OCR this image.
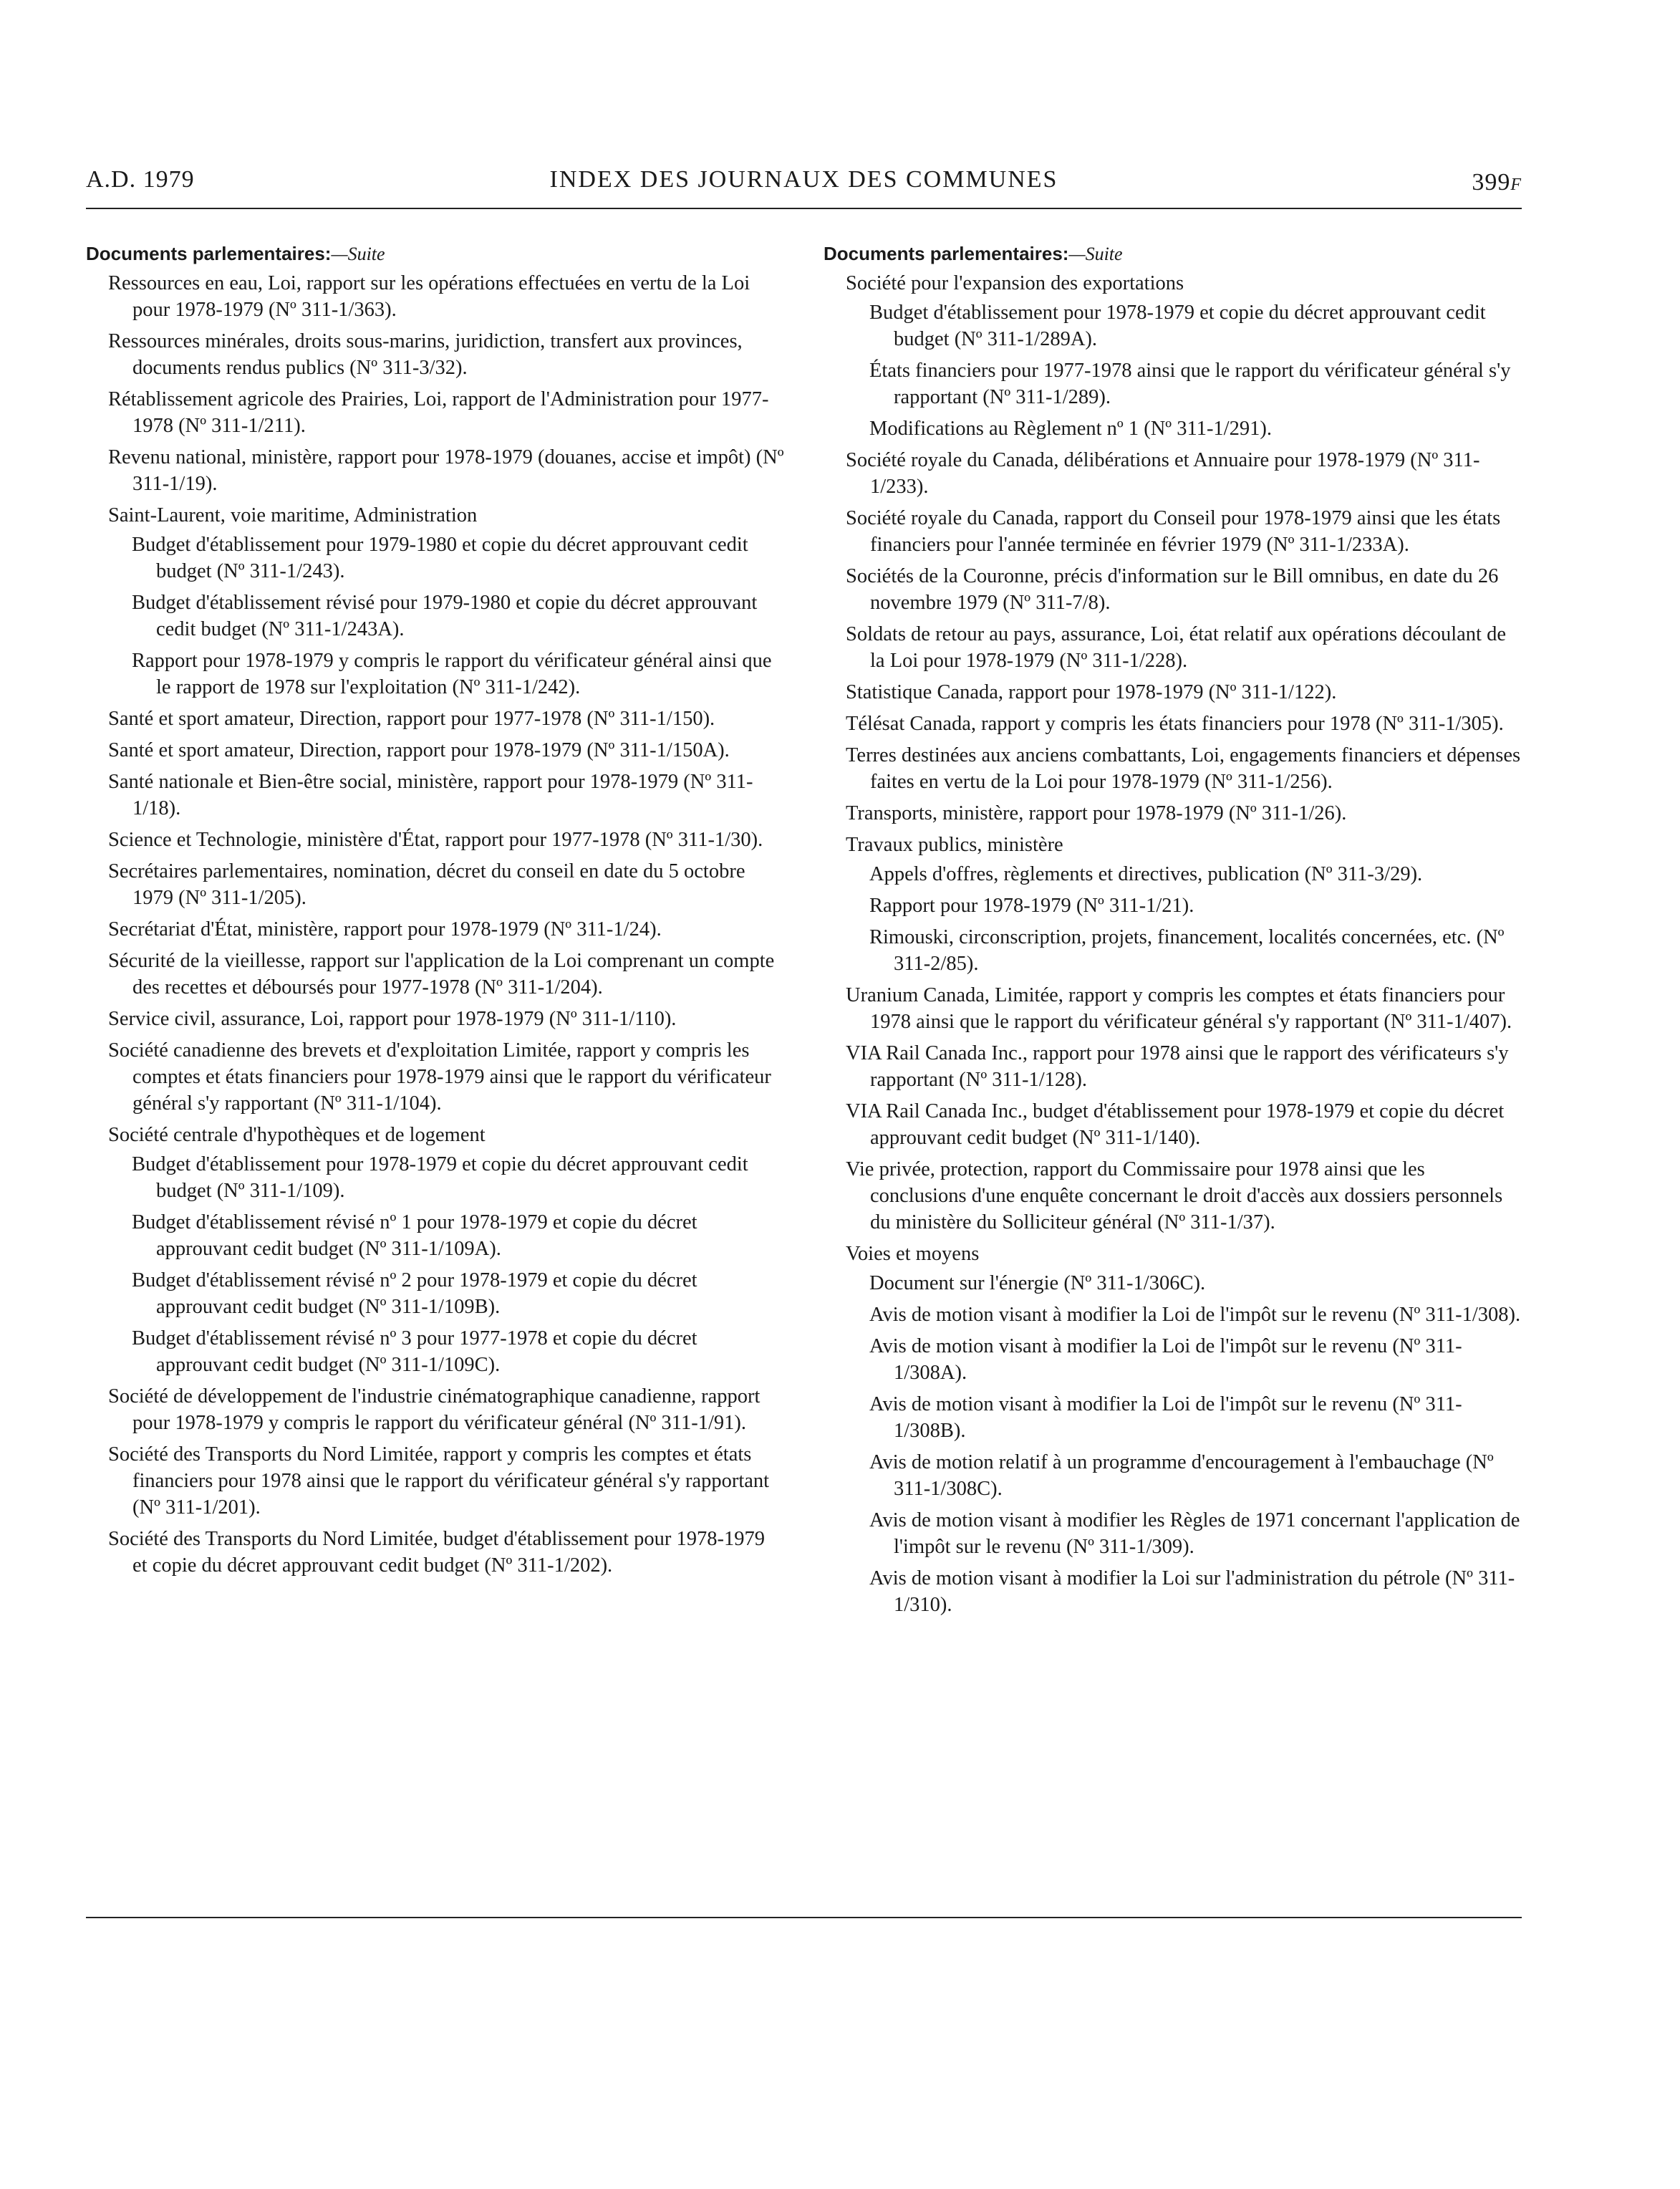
A.D. 1979	INDEX DES JOURNAUX DES COMMUNES	399F
Documents parlementaires:—Suite
Ressources en eau, Loi, rapport sur les opérations effectuées en vertu de la Loi pour 1978-1979 (Nº 311-1/363).
Ressources minérales, droits sous-marins, juridiction, transfert aux provinces, documents rendus publics (Nº 311-3/32).
Rétablissement agricole des Prairies, Loi, rapport de l'Administration pour 1977-1978 (Nº 311-1/211).
Revenu national, ministère, rapport pour 1978-1979 (douanes, accise et impôt) (Nº 311-1/19).
Saint-Laurent, voie maritime, Administration
Budget d'établissement pour 1979-1980 et copie du décret approuvant cedit budget (Nº 311-1/243).
Budget d'établissement révisé pour 1979-1980 et copie du décret approuvant cedit budget (Nº 311-1/243A).
Rapport pour 1978-1979 y compris le rapport du vérificateur général ainsi que le rapport de 1978 sur l'exploitation (Nº 311-1/242).
Santé et sport amateur, Direction, rapport pour 1977-1978 (Nº 311-1/150).
Santé et sport amateur, Direction, rapport pour 1978-1979 (Nº 311-1/150A).
Santé nationale et Bien-être social, ministère, rapport pour 1978-1979 (Nº 311-1/18).
Science et Technologie, ministère d'État, rapport pour 1977-1978 (Nº 311-1/30).
Secrétaires parlementaires, nomination, décret du conseil en date du 5 octobre 1979 (Nº 311-1/205).
Secrétariat d'État, ministère, rapport pour 1978-1979 (Nº 311-1/24).
Sécurité de la vieillesse, rapport sur l'application de la Loi comprenant un compte des recettes et déboursés pour 1977-1978 (Nº 311-1/204).
Service civil, assurance, Loi, rapport pour 1978-1979 (Nº 311-1/110).
Société canadienne des brevets et d'exploitation Limitée, rapport y compris les comptes et états financiers pour 1978-1979 ainsi que le rapport du vérificateur général s'y rapportant (Nº 311-1/104).
Société centrale d'hypothèques et de logement
Budget d'établissement pour 1978-1979 et copie du décret approuvant cedit budget (Nº 311-1/109).
Budget d'établissement révisé nº 1 pour 1978-1979 et copie du décret approuvant cedit budget (Nº 311-1/109A).
Budget d'établissement révisé nº 2 pour 1978-1979 et copie du décret approuvant cedit budget (Nº 311-1/109B).
Budget d'établissement révisé nº 3 pour 1977-1978 et copie du décret approuvant cedit budget (Nº 311-1/109C).
Société de développement de l'industrie cinématographique canadienne, rapport pour 1978-1979 y compris le rapport du vérificateur général (Nº 311-1/91).
Société des Transports du Nord Limitée, rapport y compris les comptes et états financiers pour 1978 ainsi que le rapport du vérificateur général s'y rapportant (Nº 311-1/201).
Société des Transports du Nord Limitée, budget d'établissement pour 1978-1979 et copie du décret approuvant cedit budget (Nº 311-1/202).
Documents parlementaires:—Suite
Société pour l'expansion des exportations
Budget d'établissement pour 1978-1979 et copie du décret approuvant cedit budget (Nº 311-1/289A).
États financiers pour 1977-1978 ainsi que le rapport du vérificateur général s'y rapportant (Nº 311-1/289).
Modifications au Règlement nº 1 (Nº 311-1/291).
Société royale du Canada, délibérations et Annuaire pour 1978-1979 (Nº 311-1/233).
Société royale du Canada, rapport du Conseil pour 1978-1979 ainsi que les états financiers pour l'année terminée en février 1979 (Nº 311-1/233A).
Sociétés de la Couronne, précis d'information sur le Bill omnibus, en date du 26 novembre 1979 (Nº 311-7/8).
Soldats de retour au pays, assurance, Loi, état relatif aux opérations découlant de la Loi pour 1978-1979 (Nº 311-1/228).
Statistique Canada, rapport pour 1978-1979 (Nº 311-1/122).
Télésat Canada, rapport y compris les états financiers pour 1978 (Nº 311-1/305).
Terres destinées aux anciens combattants, Loi, engagements financiers et dépenses faites en vertu de la Loi pour 1978-1979 (Nº 311-1/256).
Transports, ministère, rapport pour 1978-1979 (Nº 311-1/26).
Travaux publics, ministère
Appels d'offres, règlements et directives, publication (Nº 311-3/29).
Rapport pour 1978-1979 (Nº 311-1/21).
Rimouski, circonscription, projets, financement, localités concernées, etc. (Nº 311-2/85).
Uranium Canada, Limitée, rapport y compris les comptes et états financiers pour 1978 ainsi que le rapport du vérificateur général s'y rapportant (Nº 311-1/407).
VIA Rail Canada Inc., rapport pour 1978 ainsi que le rapport des vérificateurs s'y rapportant (Nº 311-1/128).
VIA Rail Canada Inc., budget d'établissement pour 1978-1979 et copie du décret approuvant cedit budget (Nº 311-1/140).
Vie privée, protection, rapport du Commissaire pour 1978 ainsi que les conclusions d'une enquête concernant le droit d'accès aux dossiers personnels du ministère du Solliciteur général (Nº 311-1/37).
Voies et moyens
Document sur l'énergie (Nº 311-1/306C).
Avis de motion visant à modifier la Loi de l'impôt sur le revenu (Nº 311-1/308).
Avis de motion visant à modifier la Loi de l'impôt sur le revenu (Nº 311-1/308A).
Avis de motion visant à modifier la Loi de l'impôt sur le revenu (Nº 311-1/308B).
Avis de motion relatif à un programme d'encouragement à l'embauchage (Nº 311-1/308C).
Avis de motion visant à modifier les Règles de 1971 concernant l'application de l'impôt sur le revenu (Nº 311-1/309).
Avis de motion visant à modifier la Loi sur l'administration du pétrole (Nº 311-1/310).
